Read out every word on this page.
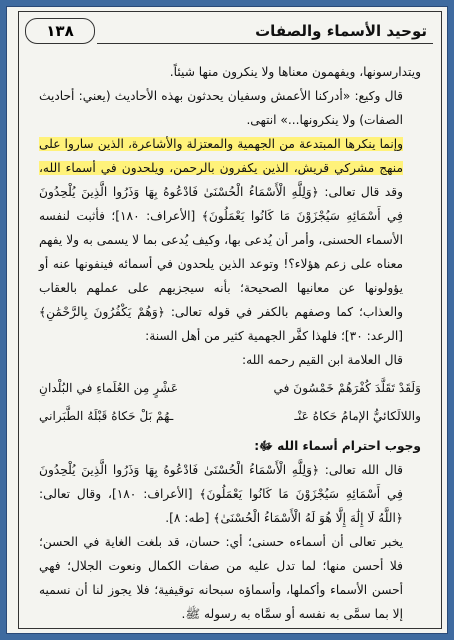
١٣٨	توحيد الأسماء والصفات

ويتدارسونها، ويفهمون معناها ولا ينكرون منها شيئاً.

قال وكيع: «أدركنا الأعمش وسفيان يحدثون بهذه الأحاديث (يعني: أحاديث الصفات) ولا ينكرونها...» انتهى.

وإنما ينكرها المبتدعة من الجهمية والمعتزلة والأشاعرة، الذين ساروا على منهج مشركي قريش، الذين يكفرون بالرحمن، ويلحدون في أسماء الله، وقد قال تعالى: ﴿وَلِلَّهِ الْأَسْمَاءُ الْحُسْنَىٰ فَادْعُوهُ بِهَا وَذَرُوا الَّذِينَ يُلْحِدُونَ فِي أَسْمَائِهِ سَيُجْزَوْنَ مَا كَانُوا يَعْمَلُونَ﴾ [الأعراف: ١٨٠]؛ فأثبت لنفسه الأسماء الحسنى، وأمر أن يُدعى بها، وكيف يُدعى بما لا يسمى به ولا يفهم معناه على زعم هؤلاء؟! وتوعد الذين يلحدون في أسمائه فينفونها عنه أو يؤولونها عن معانيها الصحيحة؛ بأنه سيجزيهم على عملهم بالعقاب والعذاب؛ كما وصفهم بالكفر في قوله تعالى: ﴿وَهُمْ يَكْفُرُونَ بِالرَّحْمَٰنِ﴾ [الرعد: ٣٠]؛ فلهذا كفَّر الجهمية كثير من أهل السنة:

قال العلامة ابن القيم رحمه الله:

وَلَقَدْ تَقَلَّدَ كُفْرَهُمْ خَمْسُونَ في
عَشْرٍ مِن العُلَماءِ في البُلْدانِ
واللالَكائيُّ الإمامُ حَكاهُ عَنْـ
ـهُمْ بَلْ حَكاهُ قَبْلَهُ الطَّبَراني

وجوب احترام أسماء الله ﷻ:

قال الله تعالى: ﴿وَلِلَّهِ الْأَسْمَاءُ الْحُسْنَىٰ فَادْعُوهُ بِهَا وَذَرُوا الَّذِينَ يُلْحِدُونَ فِي أَسْمَائِهِ سَيُجْزَوْنَ مَا كَانُوا يَعْمَلُونَ﴾ [الأعراف: ١٨٠]، وقال تعالى: ﴿اللَّهُ لَا إِلَٰهَ إِلَّا هُوَ لَهُ الْأَسْمَاءُ الْحُسْنَىٰ﴾ [طه: ٨].

يخبر تعالى أن أسماءه حسنى؛ أي: حسان، قد بلغت الغاية في الحسن؛ فلا أحسن منها؛ لما تدل عليه من صفات الكمال ونعوت الجلال؛ فهي أحسن الأسماء وأكملها، وأسماؤه سبحانه توقيفية؛ فلا يجوز لنا أن نسميه إلا بما سمَّى به نفسه أو سمَّاه به رسوله ﷺ.
